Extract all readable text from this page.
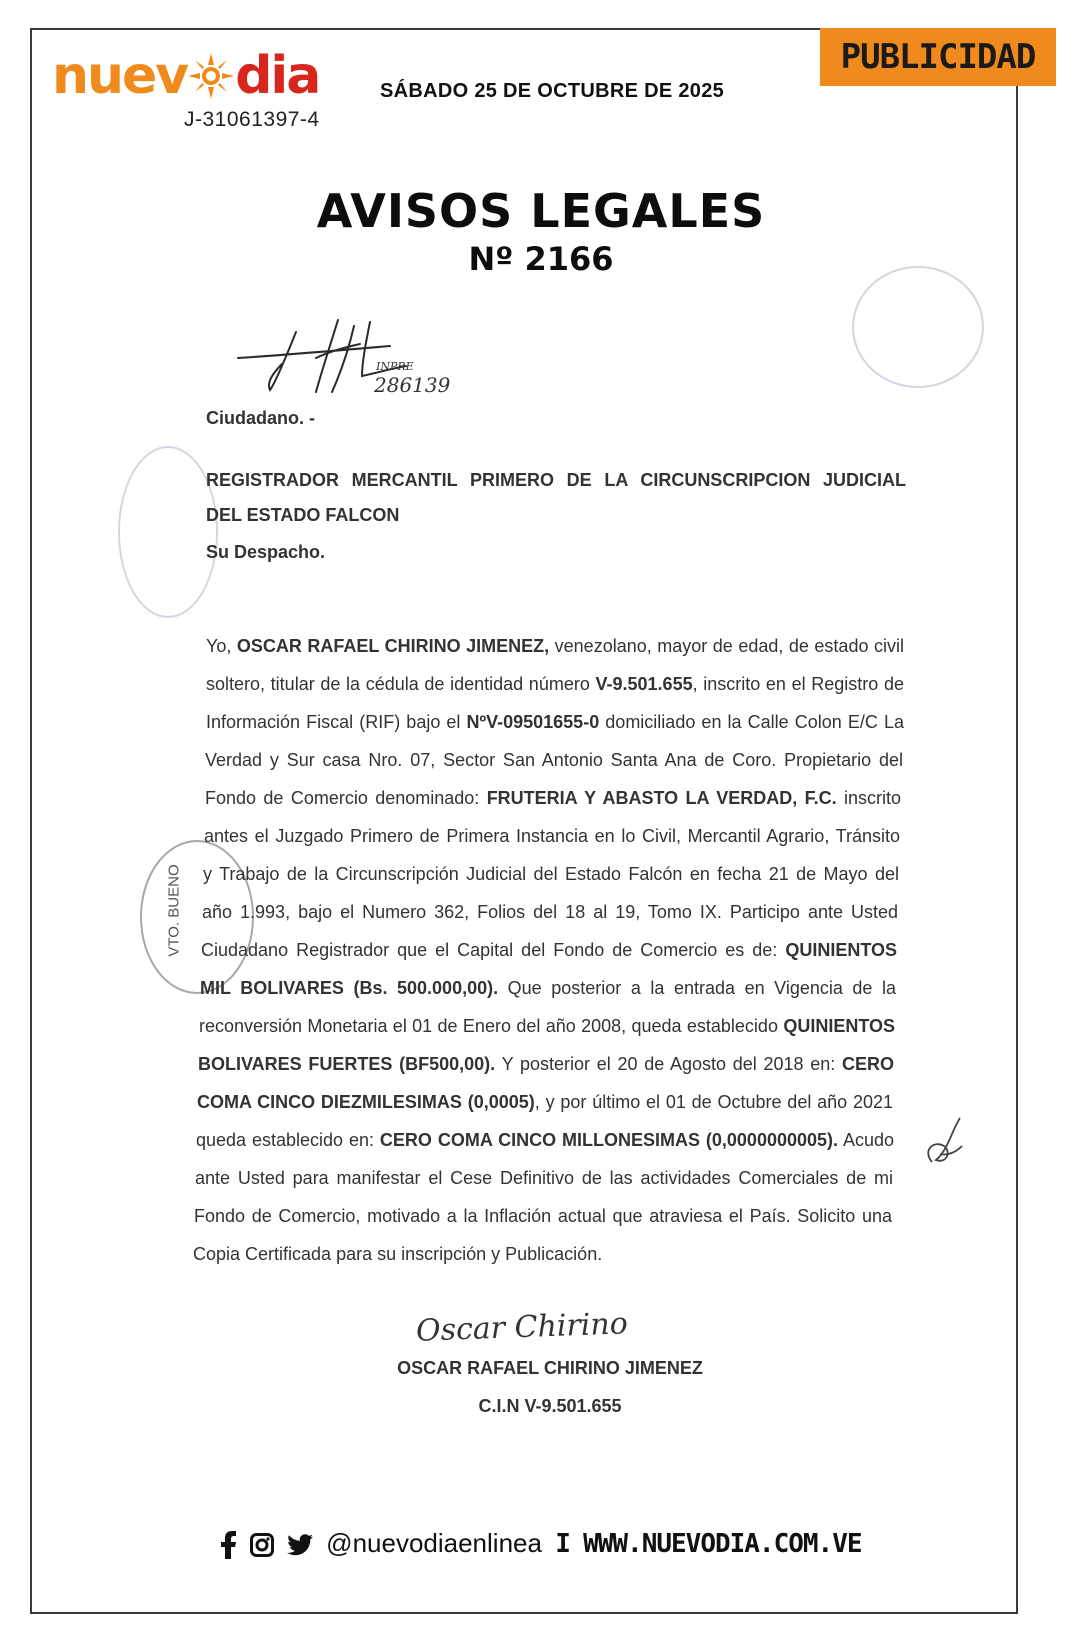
nuev dia
J-31061397-4
SÁBADO 25 DE OCTUBRE DE 2025
PUBLICIDAD
AVISOS LEGALES
Nº 2166
INPRE
286139
VTO. BUENO
Ciudadano. -
REGISTRADOR MERCANTIL PRIMERO DE LA CIRCUNSCRIPCION JUDICIAL
DEL ESTADO FALCON
Su Despacho.
Yo, OSCAR RAFAEL CHIRINO JIMENEZ, venezolano, mayor de edad, de estado civil
soltero, titular de la cédula de identidad número V-9.501.655, inscrito en el Registro de
Información Fiscal (RIF) bajo el NºV-09501655-0 domiciliado en la Calle Colon E/C La
Verdad y Sur casa Nro. 07, Sector San Antonio Santa Ana de Coro. Propietario del
Fondo de Comercio denominado: FRUTERIA Y ABASTO LA VERDAD, F.C. inscrito
antes el Juzgado Primero de Primera Instancia en lo Civil, Mercantil Agrario, Tránsito
y Trabajo de la Circunscripción Judicial del Estado Falcón en fecha 21 de Mayo del
año 1.993, bajo el Numero 362, Folios del 18 al 19, Tomo IX. Participo ante Usted
Ciudadano Registrador que el Capital del Fondo de Comercio es de: QUINIENTOS
MIL BOLIVARES (Bs. 500.000,00). Que posterior a la entrada en Vigencia de la
reconversión Monetaria el 01 de Enero del año 2008, queda establecido QUINIENTOS
BOLIVARES FUERTES (BF500,00). Y posterior el 20 de Agosto del 2018 en: CERO
COMA CINCO DIEZMILESIMAS (0,0005), y por último el 01 de Octubre del año 2021
queda establecido en: CERO COMA CINCO MILLONESIMAS (0,0000000005). Acudo
ante Usted para manifestar el Cese Definitivo de las actividades Comerciales de mi
Fondo de Comercio, motivado a la Inflación actual que atraviesa el País. Solicito una
Copia Certificada para su inscripción y Publicación.
Oscar Chirino
OSCAR RAFAEL CHIRINO JIMENEZ
C.I.N V-9.501.655
@nuevodiaenlinea I WWW.NUEVODIA.COM.VE
